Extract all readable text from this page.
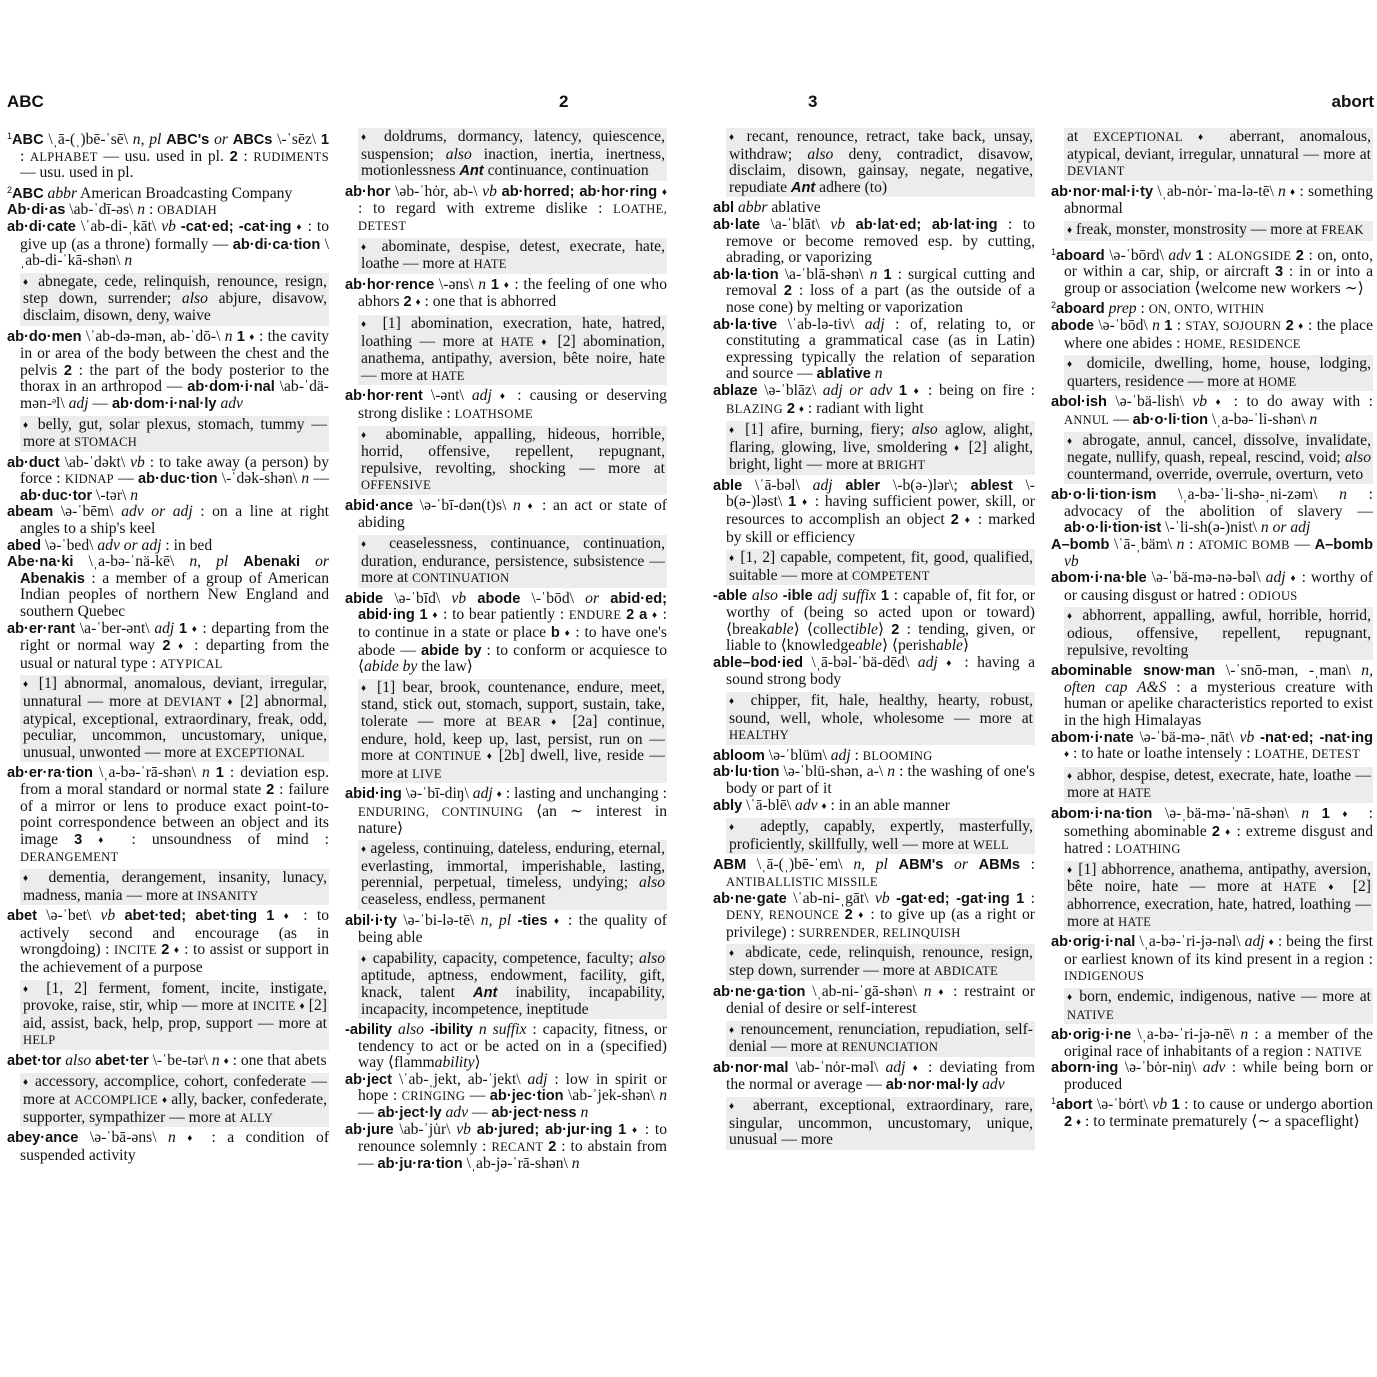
ABC	2	3	abort

$^1$ABC \ˌā-(ˌ)bē-ˈsē\ n, pl ABC's or ABCs \-ˈsēz\ 1 : ALPHABET — usu. used in pl. 2 : RUDIMENTS — usu. used in pl.

$^2$ABC abbr American Broadcasting Company

Ab·di·as \ab-ˈdī-əs\ n : OBADIAH

ab·di·cate \ˈab-di-ˌkāt\ vb -cat·ed; -cat·ing ♦ : to give up (as a throne) formally — ab·di·ca·tion \ˌab-di-ˈkā-shən\ n

♦ abnegate, cede, relinquish, renounce, resign, step down, surrender; also abjure, disavow, disclaim, disown, deny, waive

ab·do·men \ˈab-də-mən, ab-ˈdō-\ n 1 ♦ : the cavity in or area of the body between the chest and the pelvis 2 : the part of the body posterior to the thorax in an arthropod — ab·dom·i·nal \ab-ˈdä-mən-ᵊl\ adj — ab·dom·i·nal·ly adv

♦ belly, gut, solar plexus, stomach, tummy — more at STOMACH

ab·duct \ab-ˈdəkt\ vb : to take away (a person) by force : KIDNAP — ab·duc·tion \-ˈdək-shən\ n — ab·duc·tor \-tər\ n

abeam \ə-ˈbēm\ adv or adj : on a line at right angles to a ship's keel

abed \ə-ˈbed\ adv or adj : in bed

Abe·na·ki \ˌa-bə-ˈnä-kē\ n, pl Abenaki or Abenakis : a member of a group of American Indian peoples of northern New England and southern Quebec

ab·er·rant \a-ˈber-ənt\ adj 1 ♦ : departing from the right or normal way 2 ♦ : departing from the usual or natural type : ATYPICAL

♦ [1] abnormal, anomalous, deviant, irregular, unnatural — more at DEVIANT ♦ [2] abnormal, atypical, exceptional, extraordinary, freak, odd, peculiar, uncommon, uncustomary, unique, unusual, unwonted — more at EXCEPTIONAL

ab·er·ra·tion \ˌa-bə-ˈrā-shən\ n 1 : deviation esp. from a moral standard or normal state 2 : failure of a mirror or lens to produce exact point-to-point correspondence between an object and its image 3 ♦ : unsoundness of mind : DERANGEMENT

♦ dementia, derangement, insanity, lunacy, madness, mania — more at INSANITY

abet \ə-ˈbet\ vb abet·ted; abet·ting 1 ♦ : to actively second and encourage (as in wrongdoing) : INCITE 2 ♦ : to assist or support in the achievement of a purpose

♦ [1, 2] ferment, foment, incite, instigate, provoke, raise, stir, whip — more at INCITE ♦ [2] aid, assist, back, help, prop, support — more at HELP

abet·tor also abet·ter \-ˈbe-tər\ n ♦ : one that abets

♦ accessory, accomplice, cohort, confederate — more at ACCOMPLICE ♦ ally, backer, confederate, supporter, sympathizer — more at ALLY

abey·ance \ə-ˈbā-əns\ n ♦ : a condition of suspended activity

♦ doldrums, dormancy, latency, quiescence, suspension; also inaction, inertia, inertness, motionlessness Ant continuance, continuation

ab·hor \əb-ˈhȯr, ab-\ vb ab·horred; ab·hor·ring ♦ : to regard with extreme dislike : LOATHE, DETEST

♦ abominate, despise, detest, execrate, hate, loathe — more at HATE

ab·hor·rence \-əns\ n 1 ♦ : the feeling of one who abhors 2 ♦ : one that is abhorred

♦ [1] abomination, execration, hate, hatred, loathing — more at HATE ♦ [2] abomination, anathema, antipathy, aversion, bête noire, hate — more at HATE

ab·hor·rent \-ənt\ adj ♦ : causing or deserving strong dislike : LOATHSOME

♦ abominable, appalling, hideous, horrible, horrid, offensive, repellent, repugnant, repulsive, revolting, shocking — more at OFFENSIVE

abid·ance \ə-ˈbī-dən(t)s\ n ♦ : an act or state of abiding

♦ ceaselessness, continuance, continuation, duration, endurance, persistence, subsistence — more at CONTINUATION

abide \ə-ˈbīd\ vb abode \-ˈbōd\ or abid·ed; abid·ing 1 ♦ : to bear patiently : ENDURE 2 a ♦ : to continue in a state or place b ♦ : to have one's abode — abide by : to conform or acquiesce to ⟨abide by the law⟩

♦ [1] bear, brook, countenance, endure, meet, stand, stick out, stomach, support, sustain, take, tolerate — more at BEAR ♦ [2a] continue, endure, hold, keep up, last, persist, run on — more at CONTINUE ♦ [2b] dwell, live, reside — more at LIVE

abid·ing \ə-ˈbī-diŋ\ adj ♦ : lasting and unchanging : ENDURING, CONTINUING ⟨an ∼ interest in nature⟩

♦ ageless, continuing, dateless, enduring, eternal, everlasting, immortal, imperishable, lasting, perennial, perpetual, timeless, undying; also ceaseless, endless, permanent

abil·i·ty \ə-ˈbi-lə-tē\ n, pl -ties ♦ : the quality of being able

♦ capability, capacity, competence, faculty; also aptitude, aptness, endowment, facility, gift, knack, talent Ant inability, incapability, incapacity, incompetence, ineptitude

-ability also -ibility n suffix : capacity, fitness, or tendency to act or be acted on in a (specified) way ⟨flammability⟩

ab·ject \ˈab-ˌjekt, ab-ˈjekt\ adj : low in spirit or hope : CRINGING — ab·jec·tion \ab-ˈjek-shən\ n — ab·ject·ly adv — ab·ject·ness n

ab·jure \ab-ˈju̇r\ vb ab·jured; ab·jur·ing 1 ♦ : to renounce solemnly : RECANT 2 : to abstain from — ab·ju·ra·tion \ˌab-jə-ˈrā-shən\ n

♦ recant, renounce, retract, take back, unsay, withdraw; also deny, contradict, disavow, disclaim, disown, gainsay, negate, negative, repudiate Ant adhere (to)

abl abbr ablative

ab·late \a-ˈblāt\ vb ab·lat·ed; ab·lat·ing : to remove or become removed esp. by cutting, abrading, or vaporizing

ab·la·tion \a-ˈblā-shən\ n 1 : surgical cutting and removal 2 : loss of a part (as the outside of a nose cone) by melting or vaporization

ab·la·tive \ˈab-lə-tiv\ adj : of, relating to, or constituting a grammatical case (as in Latin) expressing typically the relation of separation and source — ablative n

ablaze \ə-ˈblāz\ adj or adv 1 ♦ : being on fire : BLAZING 2 ♦ : radiant with light

♦ [1] afire, burning, fiery; also aglow, alight, flaring, glowing, live, smoldering ♦ [2] alight, bright, light — more at BRIGHT

able \ˈā-bəl\ adj abler \-b(ə-)lər\; ablest \-b(ə-)ləst\ 1 ♦ : having sufficient power, skill, or resources to accomplish an object 2 ♦ : marked by skill or efficiency

♦ [1, 2] capable, competent, fit, good, qualified, suitable — more at COMPETENT

-able also -ible adj suffix 1 : capable of, fit for, or worthy of (being so acted upon or toward) ⟨breakable⟩ ⟨collectible⟩ 2 : tending, given, or liable to ⟨knowledgeable⟩ ⟨perishable⟩

able–bod·ied \ˌā-bəl-ˈbä-dēd\ adj ♦ : having a sound strong body

♦ chipper, fit, hale, healthy, hearty, robust, sound, well, whole, wholesome — more at HEALTHY

abloom \ə-ˈblüm\ adj : BLOOMING

ab·lu·tion \ə-ˈblü-shən, a-\ n : the washing of one's body or part of it

ably \ˈā-blē\ adv ♦ : in an able manner

♦ adeptly, capably, expertly, masterfully, proficiently, skillfully, well — more at WELL

ABM \ˌā-(ˌ)bē-ˈem\ n, pl ABM's or ABMs : ANTIBALLISTIC MISSILE

ab·ne·gate \ˈab-ni-ˌgāt\ vb -gat·ed; -gat·ing 1 : DENY, RENOUNCE 2 ♦ : to give up (as a right or privilege) : SURRENDER, RELINQUISH

♦ abdicate, cede, relinquish, renounce, resign, step down, surrender — more at ABDICATE

ab·ne·ga·tion \ˌab-ni-ˈgā-shən\ n ♦ : restraint or denial of desire or self-interest

♦ renouncement, renunciation, repudiation, self-denial — more at RENUNCIATION

ab·nor·mal \ab-ˈnȯr-məl\ adj ♦ : deviating from the normal or average — ab·nor·mal·ly adv

♦ aberrant, exceptional, extraordinary, rare, singular, uncommon, uncustomary, unique, unusual — more

at EXCEPTIONAL ♦ aberrant, anomalous, atypical, deviant, irregular, unnatural — more at DEVIANT

ab·nor·mal·i·ty \ˌab-nȯr-ˈma-lə-tē\ n ♦ : something abnormal

♦ freak, monster, monstrosity — more at FREAK

$^1$aboard \ə-ˈbōrd\ adv 1 : ALONGSIDE 2 : on, onto, or within a car, ship, or aircraft 3 : in or into a group or association ⟨welcome new workers ∼⟩

$^2$aboard prep : ON, ONTO, WITHIN

abode \ə-ˈbōd\ n 1 : STAY, SOJOURN 2 ♦ : the place where one abides : HOME, RESIDENCE

♦ domicile, dwelling, home, house, lodging, quarters, residence — more at HOME

abol·ish \ə-ˈbä-lish\ vb ♦ : to do away with : ANNUL — ab·o·li·tion \ˌa-bə-ˈli-shən\ n

♦ abrogate, annul, cancel, dissolve, invalidate, negate, nullify, quash, repeal, rescind, void; also countermand, override, overrule, overturn, veto

ab·o·li·tion·ism \ˌa-bə-ˈli-shə-ˌni-zəm\ n : advocacy of the abolition of slavery — ab·o·li·tion·ist \-ˈli-sh(ə-)nist\ n or adj

A–bomb \ˈā-ˌbäm\ n : ATOMIC BOMB — A–bomb vb

abom·i·na·ble \ə-ˈbä-mə-nə-bəl\ adj ♦ : worthy of or causing disgust or hatred : ODIOUS

♦ abhorrent, appalling, awful, horrible, horrid, odious, offensive, repellent, repugnant, repulsive, revolting

abominable snow·man \-ˈsnō-mən, -ˌman\ n, often cap A&S : a mysterious creature with human or apelike characteristics reported to exist in the high Himalayas

abom·i·nate \ə-ˈbä-mə-ˌnāt\ vb -nat·ed; -nat·ing ♦ : to hate or loathe intensely : LOATHE, DETEST

♦ abhor, despise, detest, execrate, hate, loathe — more at HATE

abom·i·na·tion \ə-ˌbä-mə-ˈnā-shən\ n 1 ♦ : something abominable 2 ♦ : extreme disgust and hatred : LOATHING

♦ [1] abhorrence, anathema, antipathy, aversion, bête noire, hate — more at HATE ♦ [2] abhorrence, execration, hate, hatred, loathing — more at HATE

ab·orig·i·nal \ˌa-bə-ˈri-jə-nəl\ adj ♦ : being the first or earliest known of its kind present in a region : INDIGENOUS

♦ born, endemic, indigenous, native — more at NATIVE

ab·orig·i·ne \ˌa-bə-ˈri-jə-nē\ n : a member of the original race of inhabitants of a region : NATIVE

aborn·ing \ə-ˈbȯr-niŋ\ adv : while being born or produced

$^1$abort \ə-ˈbȯrt\ vb 1 : to cause or undergo abortion 2 ♦ : to terminate prematurely ⟨∼ a spaceflight⟩
